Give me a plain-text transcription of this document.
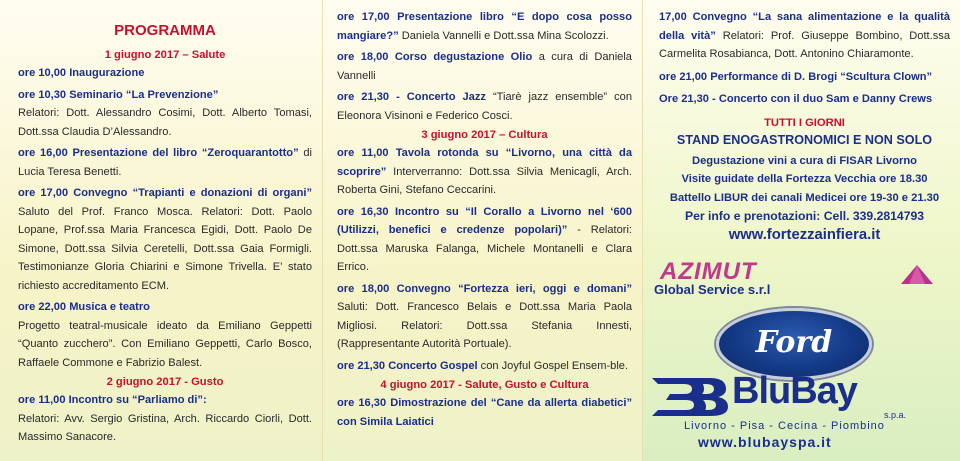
PROGRAMMA
1 giugno 2017 – Salute
ore 10,00 Inaugurazione
ore 10,30 Seminario “La Prevenzione”
Relatori: Dott. Alessandro Cosimi, Dott. Alberto Tomasi, Dott.ssa Claudia D’Alessandro.
ore 16,00 Presentazione del libro “Zeroquarantotto” di Lucia Teresa Benetti.
ore 17,00 Convegno “Trapianti e donazioni di organi” Saluto del Prof. Franco Mosca. Relatori: Dott. Paolo Lopane, Prof.ssa Maria Francesca Egidi, Dott. Paolo De Simone, Dott.ssa Silvia Ceretelli, Dott.ssa Gaia Formigli. Testimonianze Gloria Chiarini e Simone Trivella. E’ stato richiesto accreditamento ECM.
ore 22,00 Musica e teatro
Progetto teatral-musicale ideato da Emiliano Geppetti “Quanto zucchero”. Con Emiliano Geppetti, Carlo Bosco, Raffaele Commone e Fabrizio Balest.
2 giugno 2017 - Gusto
ore 11,00 Incontro su “Parliamo di”:
Relatori: Avv. Sergio Gristina, Arch. Riccardo Ciorli, Dott. Massimo Sanacore.
ore 17,00 Presentazione libro “E dopo cosa posso mangiare?” Daniela Vannelli e Dott.ssa Mina Scolozzi.
ore 18,00 Corso degustazione Olio a cura di Daniela Vannelli
ore 21,30 - Concerto Jazz “Tiarè jazz ensemble” con Eleonora Visinoni e Federico Cosci.
3 giugno 2017 – Cultura
ore 11,00 Tavola rotonda su “Livorno, una città da scoprire” Interverranno: Dott.ssa Silvia Menicagli, Arch. Roberta Gini, Stefano Ceccarini.
ore 16,30 Incontro su “Il Corallo a Livorno nel ‘600 (Utilizzi, benefici e credenze popolari)” - Relatori: Dott.ssa Maruska Falanga, Michele Montanelli e Clara Errico.
ore 18,00 Convegno “Fortezza ieri, oggi e domani” Saluti: Dott. Francesco Belais e Dott.ssa Maria Paola Migliosi. Relatori: Dott.ssa Stefania Innesti, (Rappresentante Autorità Portuale).
ore 21,30 Concerto Gospel con Joyful Gospel Ensem-ble.
4 giugno 2017 - Salute, Gusto e Cultura
ore 16,30 Dimostrazione del “Cane da allerta diabetici” con Simila Laiatici
17,00 Convegno “La sana alimentazione e la qualità della vità” Relatori: Prof. Giuseppe Bombino, Dott.ssa Carmelita Rosabianca, Dott. Antonino Chiaramonte.
ore 21,00 Performance di D. Brogi “Scultura Clown”
Ore 21,30 - Concerto con il duo Sam e Danny Crews
TUTTI I GIORNI
STAND ENOGASTRONOMICI E NON SOLO
Degustazione vini a cura di FISAR Livorno
Visite guidate della Fortezza Vecchia ore 18.30
Battello LIBUR dei canali Medicei ore 19-30 e 21.30
Per info e prenotazioni: Cell. 339.2814793
www.fortezzainfiera.it
AZIMUT
Global Service s.r.l
Ford
BluBay
s.p.a.
Livorno - Pisa - Cecina - Piombino
www.blubayspa.it
